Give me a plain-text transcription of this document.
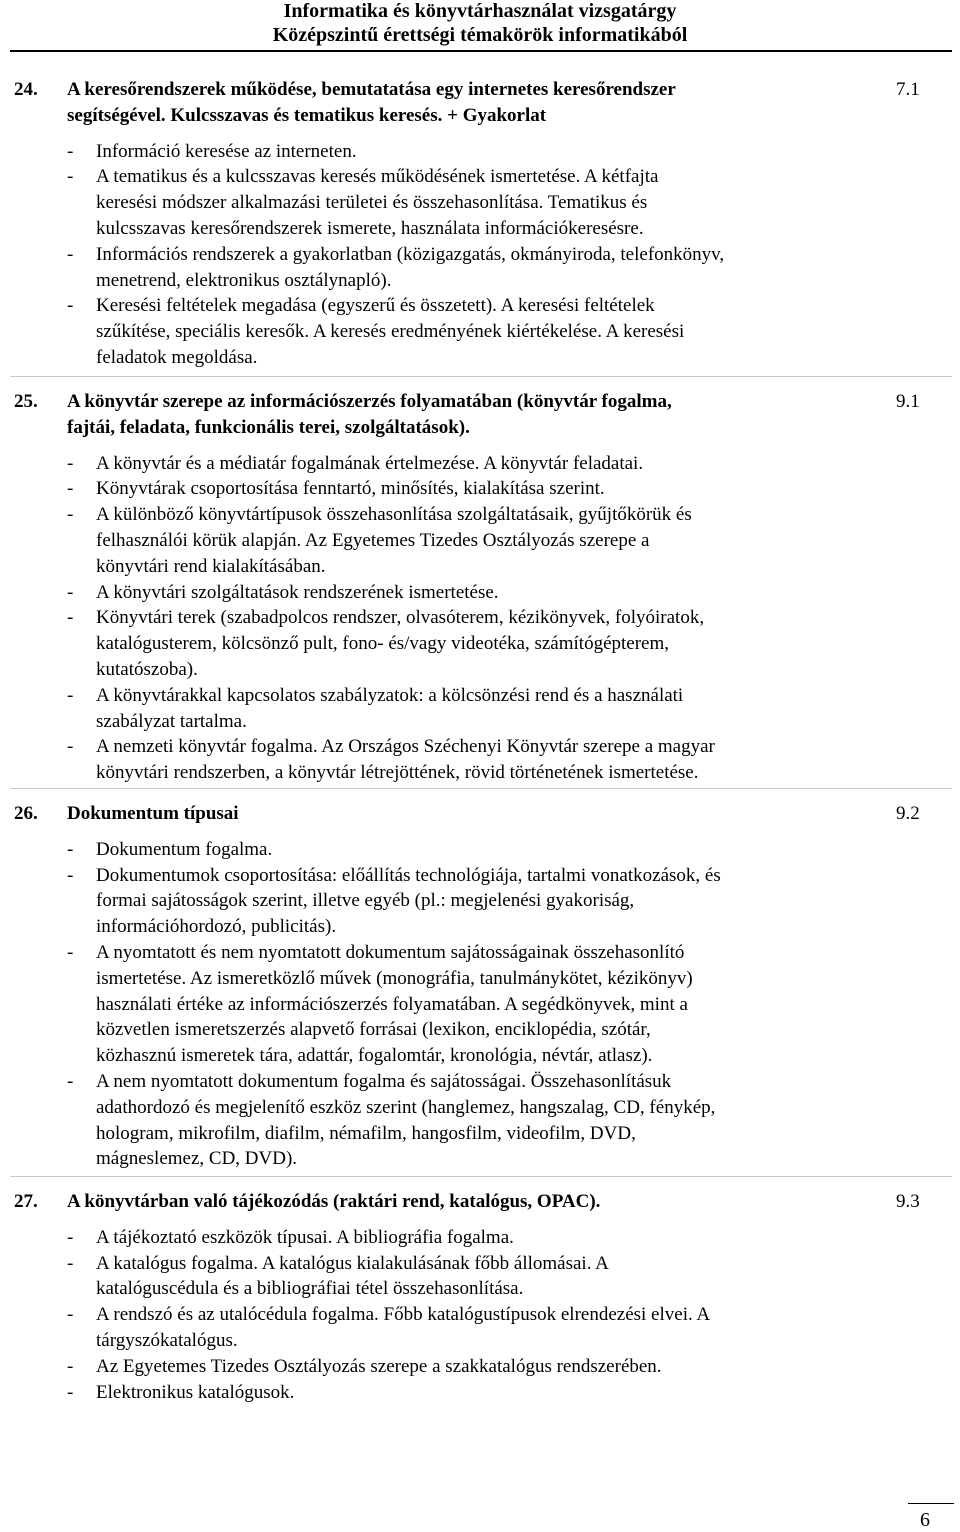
Informatika és könyvtárhasználat vizsgatárgy
Középszintű érettségi témakörök informatikából
24.	7.1
A keresőrendszerek működése, bemutatatása egy internetes keresőrendszer
segítségével. Kulcsszavas és tematikus keresés. + Gyakorlat
- Információ keresése az interneten.
- A tematikus és a kulcsszavas keresés működésének ismertetése. A kétfajta
keresési módszer alkalmazási területei és összehasonlítása. Tematikus és
kulcsszavas keresőrendszerek ismerete, használata információkeresésre.
- Információs rendszerek a gyakorlatban (közigazgatás, okmányiroda, telefonkönyv,
menetrend, elektronikus osztálynapló).
- Keresési feltételek megadása (egyszerű és összetett). A keresési feltételek
szűkítése, speciális keresők. A keresés eredményének kiértékelése. A keresési
feladatok megoldása.
25.	9.1
A könyvtár szerepe az információszerzés folyamatában (könyvtár fogalma,
fajtái, feladata, funkcionális terei, szolgáltatások).
- A könyvtár és a médiatár fogalmának értelmezése. A könyvtár feladatai.
- Könyvtárak csoportosítása fenntartó, minősítés, kialakítása szerint.
- A különböző könyvtártípusok összehasonlítása szolgáltatásaik, gyűjtőkörük és
felhasználói körük alapján. Az Egyetemes Tizedes Osztályozás szerepe a
könyvtári rend kialakításában.
- A könyvtári szolgáltatások rendszerének ismertetése.
- Könyvtári terek (szabadpolcos rendszer, olvasóterem, kézikönyvek, folyóiratok,
katalógusterem, kölcsönző pult, fono- és/vagy videotéka, számítógépterem,
kutatószoba).
- A könyvtárakkal kapcsolatos szabályzatok: a kölcsönzési rend és a használati
szabályzat tartalma.
- A nemzeti könyvtár fogalma. Az Országos Széchenyi Könyvtár szerepe a magyar
könyvtári rendszerben, a könyvtár létrejöttének, rövid történetének ismertetése.
26.	9.2
Dokumentum típusai
- Dokumentum fogalma.
- Dokumentumok csoportosítása: előállítás technológiája, tartalmi vonatkozások, és
formai sajátosságok szerint, illetve egyéb (pl.: megjelenési gyakoriság,
információhordozó, publicitás).
- A nyomtatott és nem nyomtatott dokumentum sajátosságainak összehasonlító
ismertetése. Az ismeretközlő művek (monográfia, tanulmánykötet, kézikönyv)
használati értéke az információszerzés folyamatában. A segédkönyvek, mint a
közvetlen ismeretszerzés alapvető forrásai (lexikon, enciklopédia, szótár,
közhasznú ismeretek tára, adattár, fogalomtár, kronológia, névtár, atlasz).
- A nem nyomtatott dokumentum fogalma és sajátosságai. Összehasonlításuk
adathordozó és megjelenítő eszköz szerint (hanglemez, hangszalag, CD, fénykép,
hologram, mikrofilm, diafilm, némafilm, hangosfilm, videofilm, DVD,
mágneslemez, CD, DVD).
27.	9.3
A könyvtárban való tájékozódás (raktári rend, katalógus, OPAC).
- A tájékoztató eszközök típusai. A bibliográfia fogalma.
- A katalógus fogalma. A katalógus kialakulásának főbb állomásai. A
katalóguscédula és a bibliográfiai tétel összehasonlítása.
- A rendszó és az utalócédula fogalma. Főbb katalógustípusok elrendezési elvei. A
tárgyszókatalógus.
- Az Egyetemes Tizedes Osztályozás szerepe a szakkatalógus rendszerében.
- Elektronikus katalógusok.
6
